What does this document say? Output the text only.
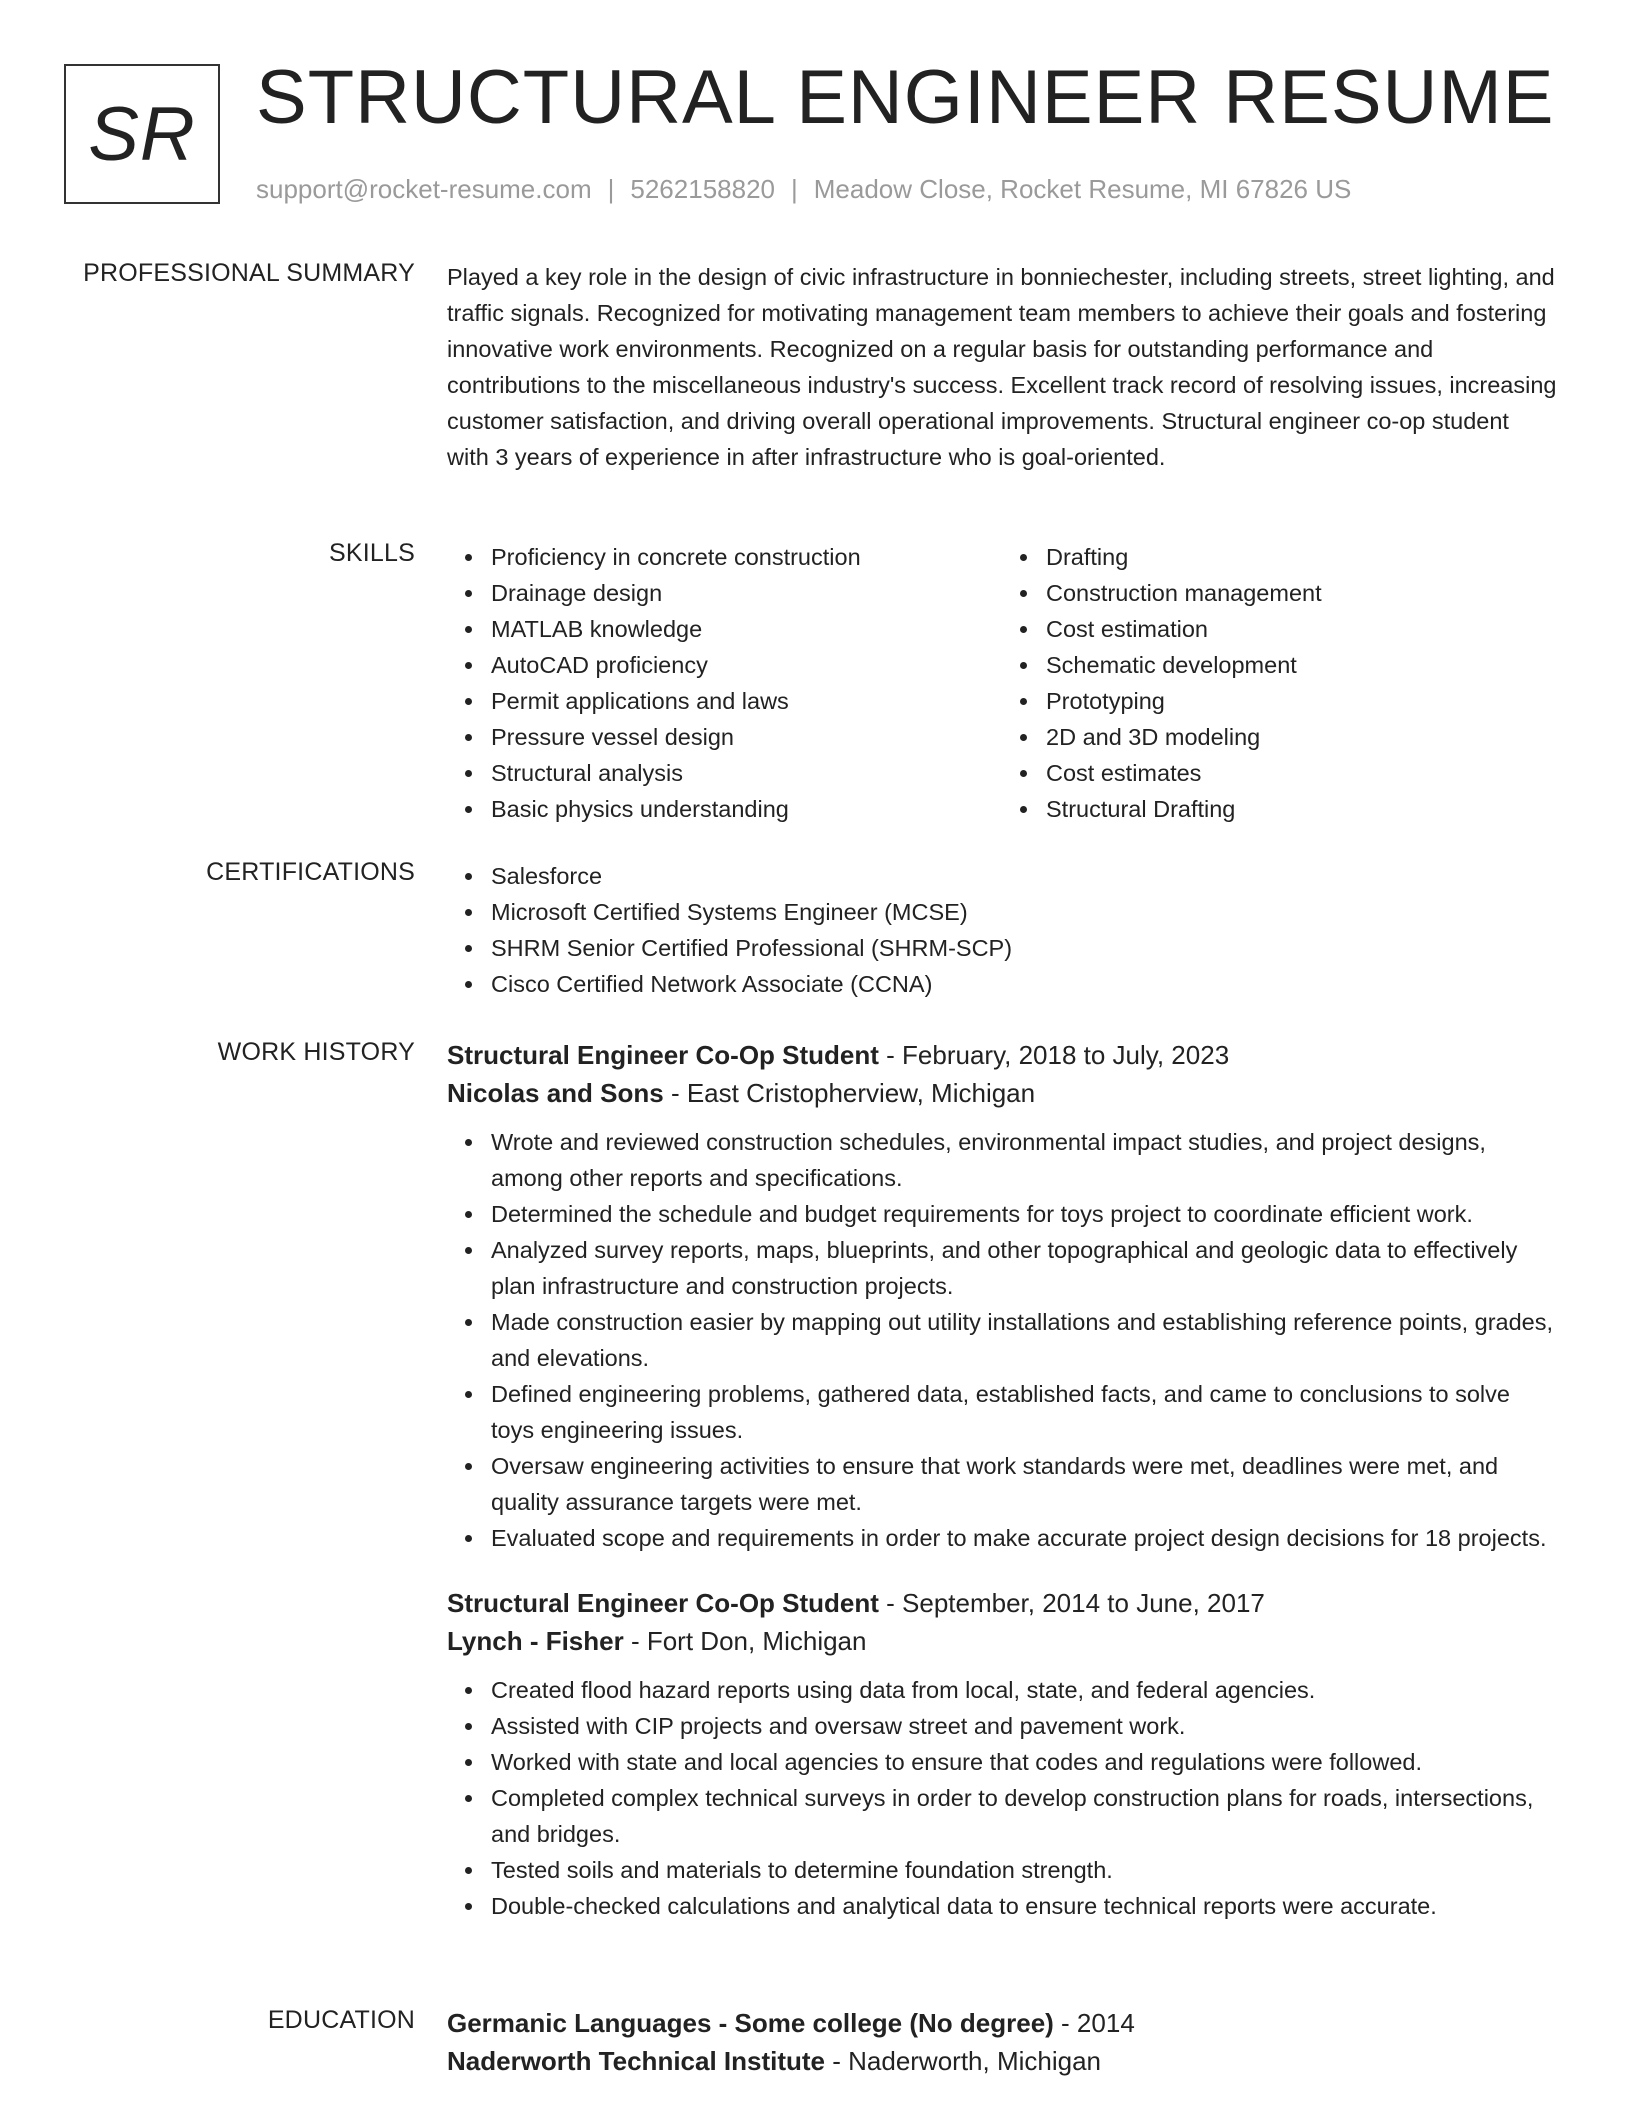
SR STRUCTURAL ENGINEER RESUME
support@rocket-resume.com | 5262158820 | Meadow Close, Rocket Resume, MI 67826 US
PROFESSIONAL SUMMARY Played a key role in the design of civic infrastructure in bonniechester, including streets, street lighting, and traffic signals. Recognized for motivating management team members to achieve their goals and fostering innovative work environments. Recognized on a regular basis for outstanding performance and contributions to the miscellaneous industry's success. Excellent track record of resolving issues, increasing customer satisfaction, and driving overall operational improvements. Structural engineer co-op student with 3 years of experience in after infrastructure who is goal-oriented.

SKILLS	Proficiency in concrete construction
Drainage design
MATLAB knowledge
AutoCAD proficiency
Permit applications and laws
Pressure vessel design
Structural analysis
Basic physics understanding
Drafting
Construction management
Cost estimation
Schematic development
Prototyping
2D and 3D modeling
Cost estimates
Structural Drafting
CERTIFICATIONS	Salesforce
Microsoft Certified Systems Engineer (MCSE)
SHRM Senior Certified Professional (SHRM-SCP)
Cisco Certified Network Associate (CCNA)
WORK HISTORY Structural Engineer Co-Op Student - February, 2018 to July, 2023
Nicolas and Sons - East Cristopherview, Michigan
Wrote and reviewed construction schedules, environmental impact studies, and project designs, among other reports and specifications.
Determined the schedule and budget requirements for toys project to coordinate efficient work.
Analyzed survey reports, maps, blueprints, and other topographical and geologic data to effectively plan infrastructure and construction projects.
Made construction easier by mapping out utility installations and establishing reference points, grades, and elevations.
Defined engineering problems, gathered data, established facts, and came to conclusions to solve toys engineering issues.
Oversaw engineering activities to ensure that work standards were met, deadlines were met, and quality assurance targets were met.
Evaluated scope and requirements in order to make accurate project design decisions for 18 projects.
Structural Engineer Co-Op Student - September, 2014 to June, 2017
Lynch - Fisher - Fort Don, Michigan
Created flood hazard reports using data from local, state, and federal agencies.
Assisted with CIP projects and oversaw street and pavement work.
Worked with state and local agencies to ensure that codes and regulations were followed.
Completed complex technical surveys in order to develop construction plans for roads, intersections, and bridges.
Tested soils and materials to determine foundation strength.
Double-checked calculations and analytical data to ensure technical reports were accurate.
EDUCATION Germanic Languages - Some college (No degree) - 2014
Naderworth Technical Institute - Naderworth, Michigan
